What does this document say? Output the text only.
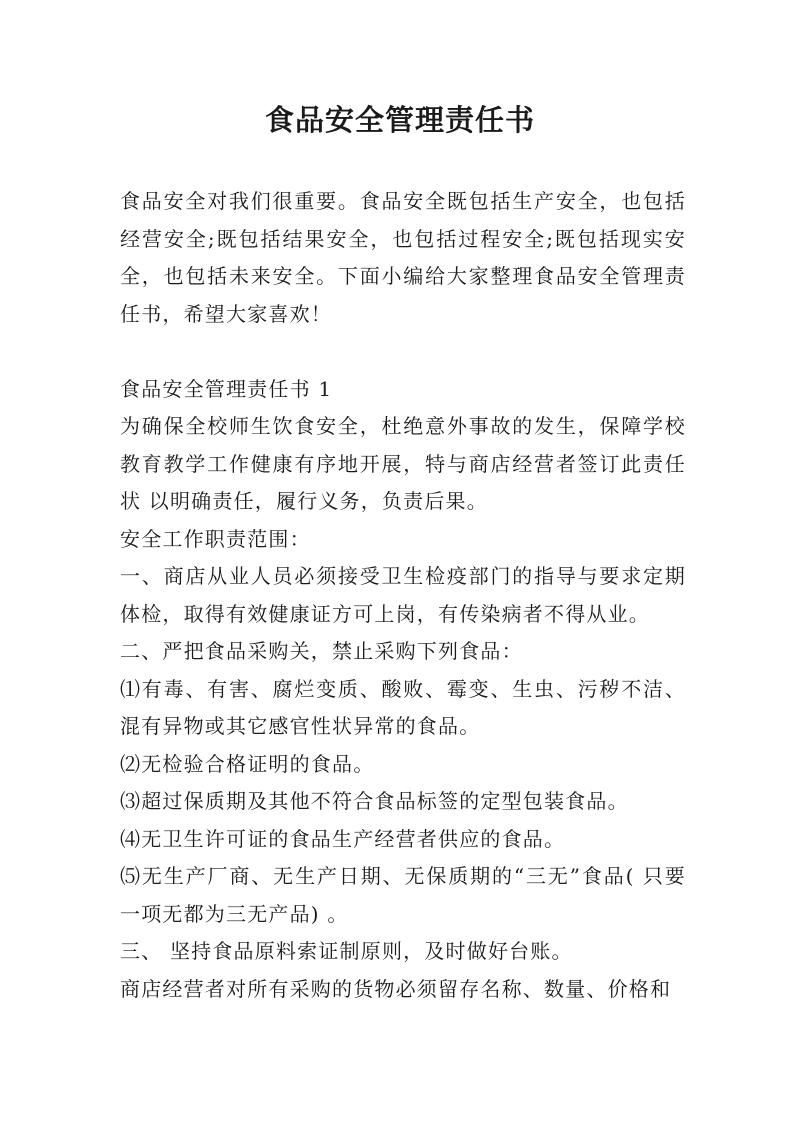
食品安全管理责任书

食品安全对我们很重要。食品安全既包括生产安全，也包括经营安全;既包括结果安全，也包括过程安全;既包括现实安全，也包括未来安全。下面小编给大家整理食品安全管理责任书，希望大家喜欢！

食品安全管理责任书 1

为确保全校师生饮食安全，杜绝意外事故的发生，保障学校教育教学工作健康有序地开展，特与商店经营者签订此责任状 以明确责任，履行义务，负责后果。

安全工作职责范围：

一、商店从业人员必须接受卫生检疫部门的指导与要求定期体检，取得有效健康证方可上岗，有传染病者不得从业。

二、严把食品采购关，禁止采购下列食品：

⑴有毒、有害、腐烂变质、酸败、霉变、生虫、污秽不洁、混有异物或其它感官性状异常的食品。

⑵无检验合格证明的食品。

⑶超过保质期及其他不符合食品标签的定型包装食品。

⑷无卫生许可证的食品生产经营者供应的食品。

⑸无生产厂商、无生产日期、无保质期的“三无”食品( 只要一项无都为三无产品) 。

三、 坚持食品原料索证制原则，及时做好台账。

商店经营者对所有采购的货物必须留存名称、数量、价格和
